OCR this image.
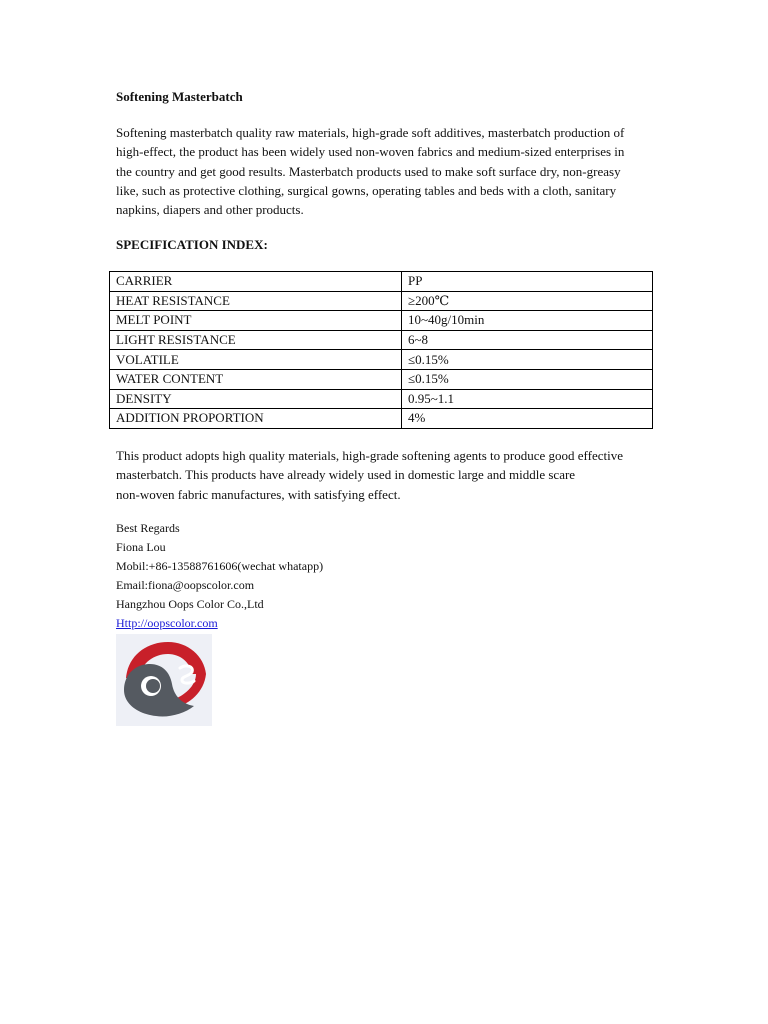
Softening Masterbatch

Softening masterbatch quality raw materials, high-grade soft additives, masterbatch production of
high-effect, the product has been widely used non-woven fabrics and medium-sized enterprises in
the country and get good results. Masterbatch products used to make soft surface dry, non-greasy
like, such as protective clothing, surgical gowns, operating tables and beds with a cloth, sanitary
napkins, diapers and other products.

SPECIFICATION INDEX:
CARRIER	PP
HEAT RESISTANCE	≥200℃
MELT POINT	10~40g/10min
LIGHT RESISTANCE	6~8
VOLATILE	≤0.15%
WATER CONTENT	≤0.15%
DENSITY	0.95~1.1
ADDITION PROPORTION	4%

This product adopts high quality materials, high-grade softening agents to produce good effective
masterbatch. This products have already widely used in domestic large and middle scare
non-woven fabric manufactures, with satisfying effect.

Best Regards
Fiona Lou
Mobil:+86-13588761606(wechat whatapp)
Email:fiona@oopscolor.com
Hangzhou Oops Color Co.,Ltd
Http://oopscolor.com
